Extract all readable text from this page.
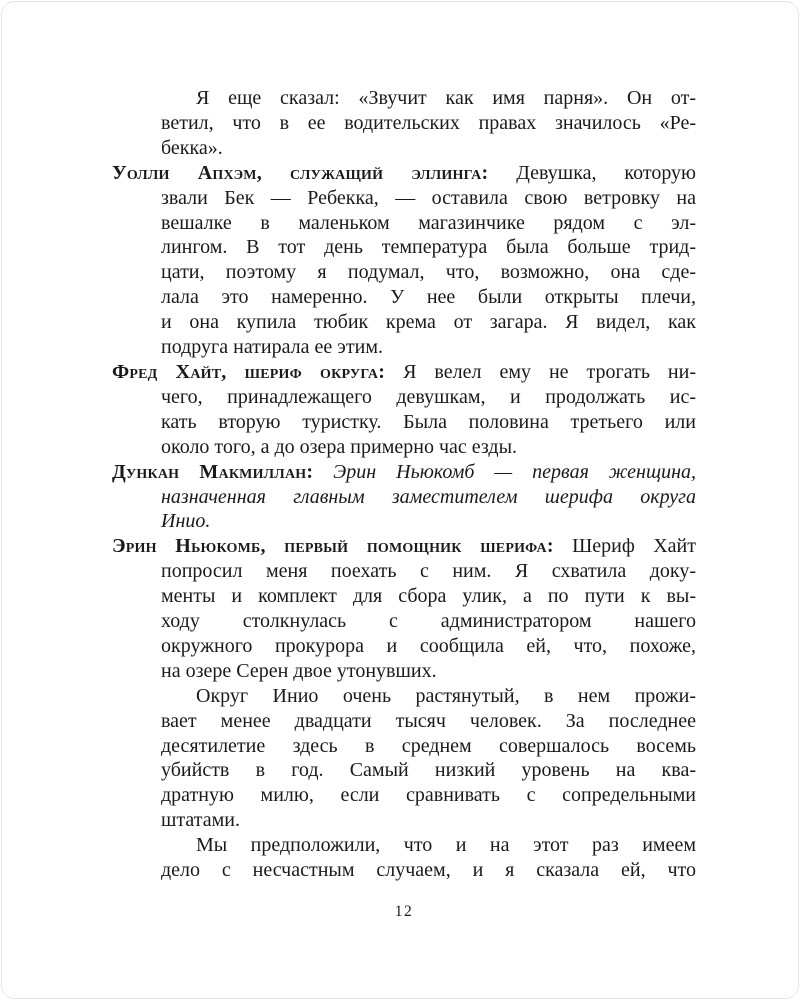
Я еще сказал: «Звучит как имя парня». Он от-
ветил, что в ее водительских правах значилось «Ре-
бекка».
Уолли Апхэм, служащий эллинга: Девушка, которую
звали Бек — Ребекка, — оставила свою ветровку на
вешалке в маленьком магазинчике рядом с эл-
лингом. В тот день температура была больше трид-
цати, поэтому я подумал, что, возможно, она сде-
лала это намеренно. У нее были открыты плечи,
и она купила тюбик крема от загара. Я видел, как
подруга натирала ее этим.
Фред Хайт, шериф округа: Я велел ему не трогать ни-
чего, принадлежащего девушкам, и продолжать ис-
кать вторую туристку. Была половина третьего или
около того, а до озера примерно час езды.
Дункан Макмиллан: Эрин Ньюкомб — первая женщина,
назначенная главным заместителем шерифа округа
Инио.
Эрин Ньюкомб, первый помощник шерифа: Шериф Хайт
попросил меня поехать с ним. Я схватила доку-
менты и комплект для сбора улик, а по пути к вы-
ходу столкнулась с администратором нашего
окружного прокурора и сообщила ей, что, похоже,
на озере Серен двое утонувших.
Округ Инио очень растянутый, в нем прожи-
вает менее двадцати тысяч человек. За последнее
десятилетие здесь в среднем совершалось восемь
убийств в год. Самый низкий уровень на ква-
дратную милю, если сравнивать с сопредельными
штатами.
Мы предположили, что и на этот раз имеем
дело с несчастным случаем, и я сказала ей, что
12
